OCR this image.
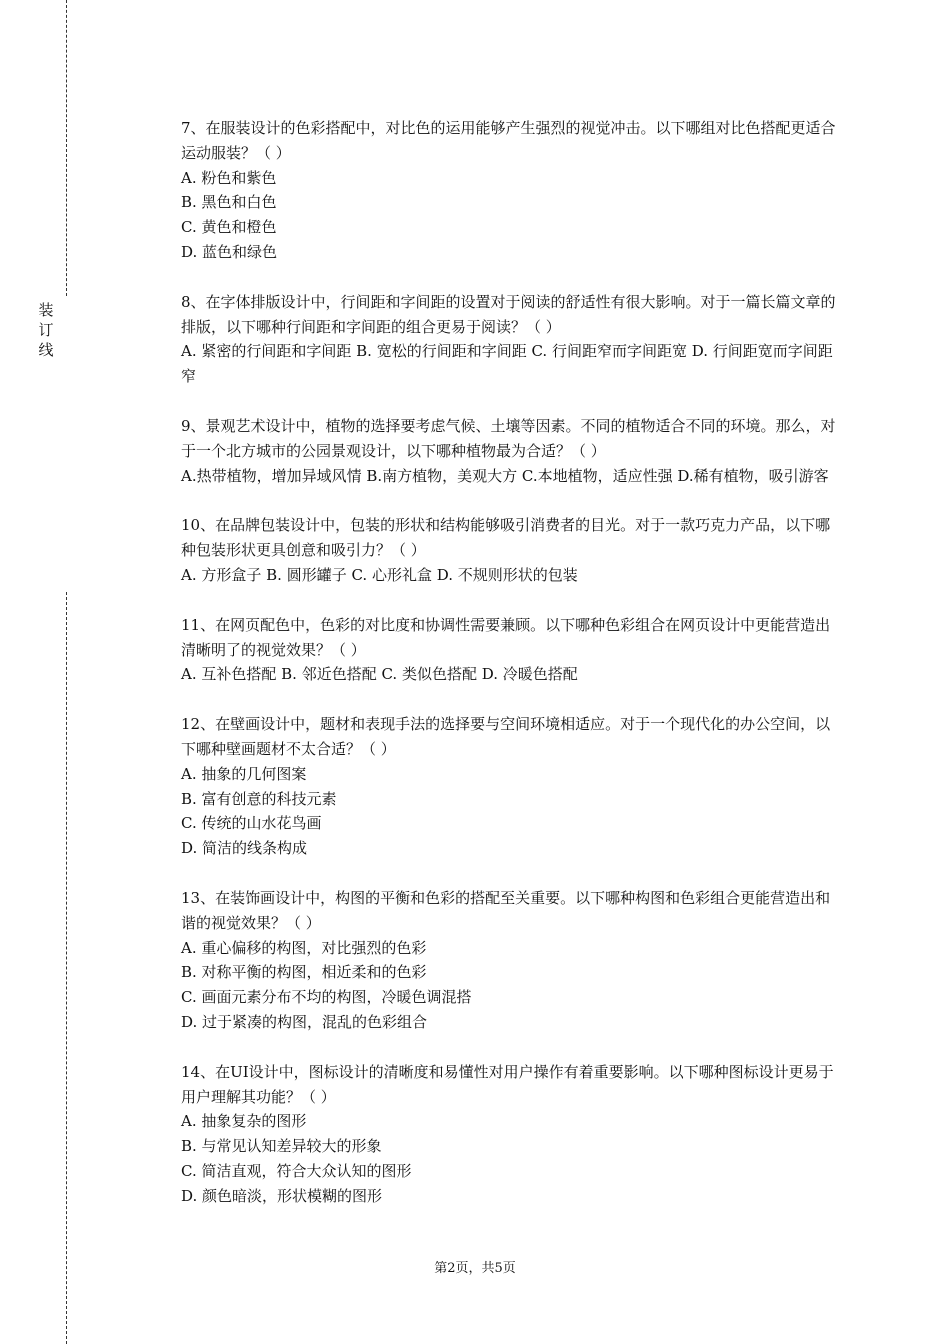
装
订
线

7、在服装设计的色彩搭配中，对比色的运用能够产生强烈的视觉冲击。以下哪组对比色搭配更适合运动服装？（ ）

A. 粉色和紫色

B. 黑色和白色

C. 黄色和橙色

D. 蓝色和绿色

8、在字体排版设计中，行间距和字间距的设置对于阅读的舒适性有很大影响。对于一篇长篇文章的排版，以下哪种行间距和字间距的组合更易于阅读？（ ）

A. 紧密的行间距和字间距 B. 宽松的行间距和字间距 C. 行间距窄而字间距宽 D. 行间距宽而字间距窄

9、景观艺术设计中，植物的选择要考虑气候、土壤等因素。不同的植物适合不同的环境。那么，对于一个北方城市的公园景观设计，以下哪种植物最为合适？（ ）

A.热带植物，增加异域风情 B.南方植物，美观大方 C.本地植物，适应性强 D.稀有植物，吸引游客

10、在品牌包装设计中，包装的形状和结构能够吸引消费者的目光。对于一款巧克力产品，以下哪种包装形状更具创意和吸引力？（ ）

A. 方形盒子 B. 圆形罐子 C. 心形礼盒 D. 不规则形状的包装

11、在网页配色中，色彩的对比度和协调性需要兼顾。以下哪种色彩组合在网页设计中更能营造出清晰明了的视觉效果？（ ）

A. 互补色搭配 B. 邻近色搭配 C. 类似色搭配 D. 冷暖色搭配

12、在壁画设计中，题材和表现手法的选择要与空间环境相适应。对于一个现代化的办公空间，以下哪种壁画题材不太合适？（ ）

A. 抽象的几何图案

B. 富有创意的科技元素

C. 传统的山水花鸟画

D. 简洁的线条构成

13、在装饰画设计中，构图的平衡和色彩的搭配至关重要。以下哪种构图和色彩组合更能营造出和谐的视觉效果？（ ）

A. 重心偏移的构图，对比强烈的色彩

B. 对称平衡的构图，相近柔和的色彩

C. 画面元素分布不均的构图，冷暖色调混搭

D. 过于紧凑的构图，混乱的色彩组合

14、在UI设计中，图标设计的清晰度和易懂性对用户操作有着重要影响。以下哪种图标设计更易于用户理解其功能？（ ）

A. 抽象复杂的图形

B. 与常见认知差异较大的形象

C. 简洁直观，符合大众认知的图形

D. 颜色暗淡，形状模糊的图形

第2页，共5页
